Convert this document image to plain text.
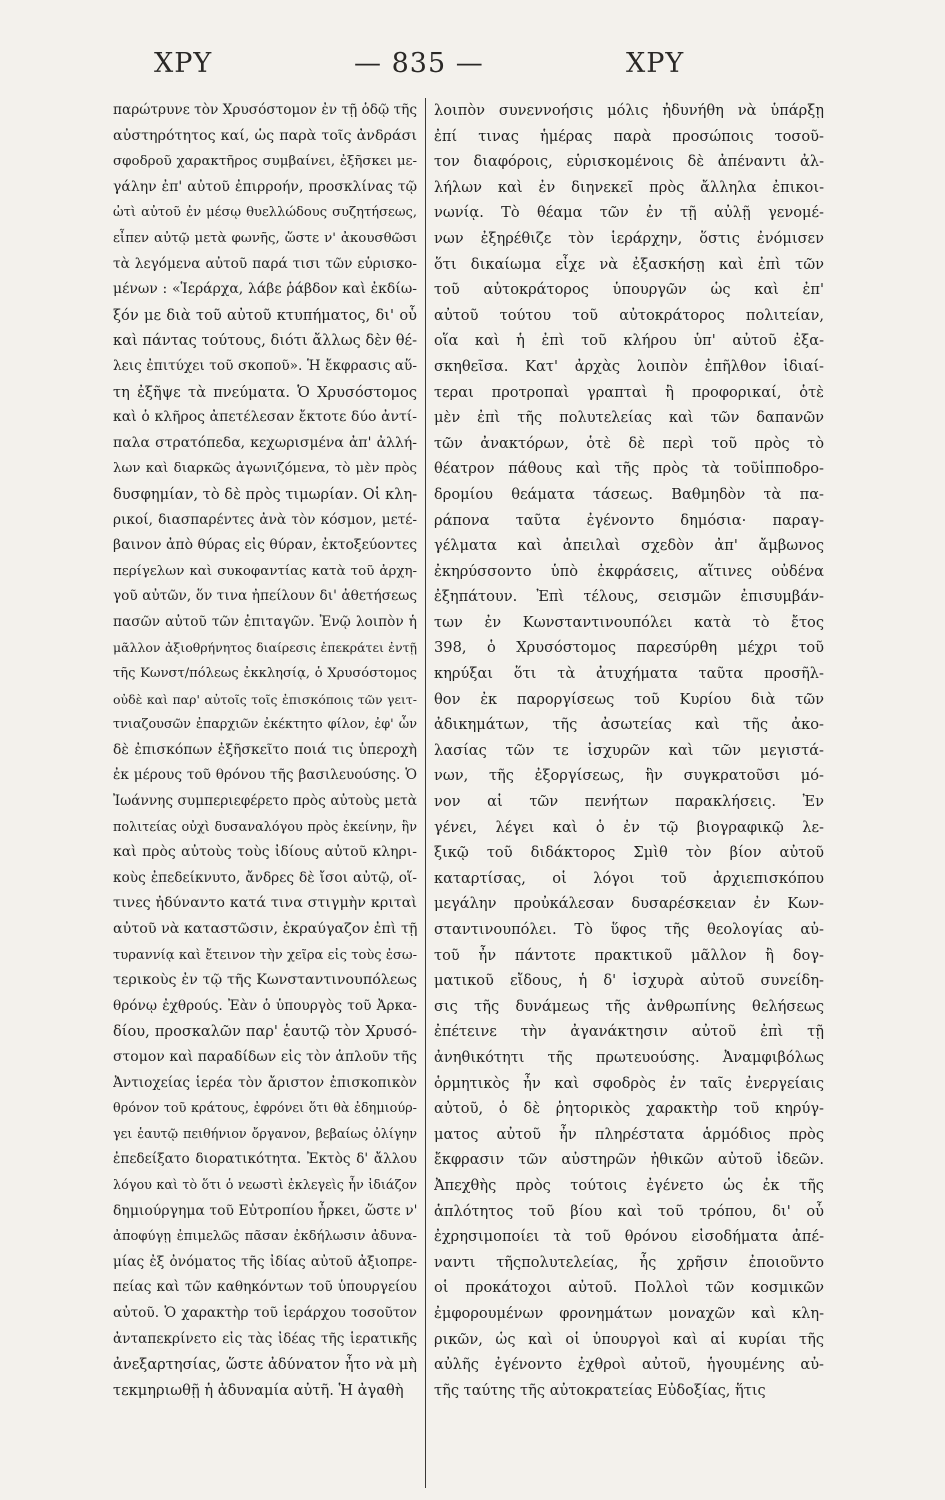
ΧΡΥ	— 835 —	ΧΡΥ
παρώτρυνε τὸν Χρυσόστομον ἐν τῇ ὁδῷ τῆς
αὐστηρότητος καί, ὡς παρὰ τοῖς ἀνδράσι
σφοδροῦ χαρακτῆρος συμβαίνει, ἐξῆσκει με-
γάλην ἐπ' αὐτοῦ ἐπιρροήν, προσκλίνας τῷ
ὠτὶ αὐτοῦ ἐν μέσῳ θυελλώδους συζητήσεως,
εἶπεν αὐτῷ μετὰ φωνῆς, ὥστε ν' ἀκουσθῶσι
τὰ λεγόμενα αὐτοῦ παρά τισι τῶν εὑρισκο-
μένων : «Ἱεράρχα, λάβε ῥάβδον καὶ ἐκδίω-
ξόν με διὰ τοῦ αὐτοῦ κτυπήματος, δι' οὗ
καὶ πάντας τούτους, διότι ἄλλως δὲν θέ-
λεις ἐπιτύχει τοῦ σκοποῦ». Ἡ ἔκφρασις αὕ-
τη ἐξῆψε τὰ πνεύματα. Ὁ Χρυσόστομος
καὶ ὁ κλῆρος ἀπετέλεσαν ἔκτοτε δύο ἀντί-
παλα στρατόπεδα, κεχωρισμένα ἀπ' ἀλλή-
λων καὶ διαρκῶς ἀγωνιζόμενα, τὸ μὲν πρὸς
δυσφημίαν, τὸ δὲ πρὸς τιμωρίαν. Οἱ κλη-
ρικοί, διασπαρέντες ἀνὰ τὸν κόσμον, μετέ-
βαινον ἀπὸ θύρας εἰς θύραν, ἐκτοξεύοντες
περίγελων καὶ συκοφαντίας κατὰ τοῦ ἀρχη-
γοῦ αὐτῶν, ὅν τινα ἠπείλουν δι' ἀθετήσεως
πασῶν αὐτοῦ τῶν ἐπιταγῶν. Ἐνῷ λοιπὸν ἡ
μᾶλλον ἀξιοθρήνητος διαίρεσις ἐπεκράτει ἐντῇ
τῆς Κωνστ/πόλεως ἐκκλησίᾳ, ὁ Χρυσόστομος
οὐδὲ καὶ παρ' αὐτοῖς τοῖς ἐπισκόποις τῶν γειτ-
τνιαζουσῶν ἐπαρχιῶν ἐκέκτητο φίλον, ἐφ' ὧν
δὲ ἐπισκόπων ἐξῆσκεῖτο ποιά τις ὑπεροχὴ
ἐκ μέρους τοῦ θρόνου τῆς βασιλευούσης. Ὁ
Ἰωάννης συμπεριεφέρετο πρὸς αὐτοὺς μετὰ
πολιτείας οὐχὶ δυσαναλόγου πρὸς ἐκείνην, ἣν
καὶ πρὸς αὐτοὺς τοὺς ἰδίους αὐτοῦ κληρι-
κοὺς ἐπεδείκνυτο, ἄνδρες δὲ ἴσοι αὐτῷ, οἵ-
τινες ἠδύναντο κατά τινα στιγμὴν κριταὶ
αὐτοῦ νὰ καταστῶσιν, ἐκραύγαζον ἐπὶ τῇ
τυραννίᾳ καὶ ἔτεινον τὴν χεῖρα εἰς τοὺς ἐσω-
τερικοὺς ἐν τῷ τῆς Κωνσταντινουπόλεως
θρόνῳ ἐχθρούς. Ἐὰν ὁ ὑπουργὸς τοῦ Ἀρκα-
δίου, προσκαλῶν παρ' ἑαυτῷ τὸν Χρυσό-
στομον καὶ παραδίδων εἰς τὸν ἁπλοῦν τῆς
Ἀντιοχείας ἱερέα τὸν ἄριστον ἐπισκοπικὸν
θρόνον τοῦ κράτους, ἐφρόνει ὅτι θὰ ἐδημιούρ-
γει ἑαυτῷ πειθήνιον ὄργανον, βεβαίως ὀλίγην
ἐπεδείξατο διορατικότητα. Ἐκτὸς δ' ἄλλου
λόγου καὶ τὸ ὅτι ὁ νεωστὶ ἐκλεγεὶς ἦν ἰδιάζον
δημιούργημα τοῦ Εὐτροπίου ἦρκει, ὥστε ν'
ἀποφύγῃ ἐπιμελῶς πᾶσαν ἐκδήλωσιν ἀδυνα-
μίας ἐξ ὀνόματος τῆς ἰδίας αὐτοῦ ἀξιοπρε-
πείας καὶ τῶν καθηκόντων τοῦ ὑπουργείου
αὐτοῦ. Ὁ χαρακτὴρ τοῦ ἱεράρχου τοσοῦτον
ἀνταπεκρίνετο εἰς τὰς ἰδέας τῆς ἱερατικῆς
ἀνεξαρτησίας, ὥστε ἀδύνατον ἦτο νὰ μὴ
τεκμηριωθῇ ἡ ἀδυναμία αὐτῆ. Ἡ ἀγαθὴ
λοιπὸν συνεννοήσις μόλις ἠδυνήθη νὰ ὑπάρξῃ
ἐπί τινας ἡμέρας παρὰ προσώποις τοσοῦ-
τον διαφόροις, εὑρισκομένοις δὲ ἀπέναντι ἀλ-
λήλων καὶ ἐν διηνεκεῖ πρὸς ἄλληλα ἐπικοι-
νωνίᾳ. Τὸ θέαμα τῶν ἐν τῇ αὐλῇ γενομέ-
νων ἐξηρέθιζε τὸν ἱεράρχην, ὅστις ἐνόμισεν
ὅτι δικαίωμα εἶχε νὰ ἐξασκήσῃ καὶ ἐπὶ τῶν
τοῦ αὐτοκράτορος ὑπουργῶν ὡς καὶ ἐπ'
αὐτοῦ τούτου τοῦ αὐτοκράτορος πολιτείαν,
οἵα καὶ ἡ ἐπὶ τοῦ κλήρου ὑπ' αὐτοῦ ἐξα-
σκηθεῖσα. Κατ' ἀρχὰς λοιπὸν ἐπῆλθον ἰδιαί-
τεραι προτροπαὶ γραπταὶ ἢ προφορικαί, ὁτὲ
μὲν ἐπὶ τῆς πολυτελείας καὶ τῶν δαπανῶν
τῶν ἀνακτόρων, ὁτὲ δὲ περὶ τοῦ πρὸς τὸ
θέατρον πάθους καὶ τῆς πρὸς τὰ τοῦἱπποδρο-
δρομίου θεάματα τάσεως. Βαθμηδὸν τὰ πα-
ράπονα ταῦτα ἐγένοντο δημόσια· παραγ-
γέλματα καὶ ἀπειλαὶ σχεδὸν ἀπ' ἄμβωνος
ἐκηρύσσοντο ὑπὸ ἐκφράσεις, αἵτινες οὐδένα
ἐξηπάτουν. Ἐπὶ τέλους, σεισμῶν ἐπισυμβάν-
των ἐν Κωνσταντινουπόλει κατὰ τὸ ἔτος
398, ὁ Χρυσόστομος παρεσύρθη μέχρι τοῦ
κηρύξαι ὅτι τὰ ἀτυχήματα ταῦτα προσῆλ-
θον ἐκ παροργίσεως τοῦ Κυρίου διὰ τῶν
ἀδικημάτων, τῆς ἀσωτείας καὶ τῆς ἀκο-
λασίας τῶν τε ἰσχυρῶν καὶ τῶν μεγιστά-
νων, τῆς ἐξοργίσεως, ἣν συγκρατοῦσι μό-
νον αἱ τῶν πενήτων παρακλήσεις. Ἐν
γένει, λέγει καὶ ὁ ἐν τῷ βιογραφικῷ λε-
ξικῷ τοῦ διδάκτορος Σμὶθ τὸν βίον αὐτοῦ
καταρτίσας, οἱ λόγοι τοῦ ἀρχιεπισκόπου
μεγάλην προὐκάλεσαν δυσαρέσκειαν ἐν Κων-
σταντινουπόλει. Τὸ ὕφος τῆς θεολογίας αὐ-
τοῦ ἦν πάντοτε πρακτικοῦ μᾶλλον ἢ δογ-
ματικοῦ εἴδους, ἡ δ' ἰσχυρὰ αὐτοῦ συνείδη-
σις τῆς δυνάμεως τῆς ἀνθρωπίνης θελήσεως
ἐπέτεινε τὴν ἀγανάκτησιν αὐτοῦ ἐπὶ τῇ
ἀνηθικότητι τῆς πρωτευούσης. Ἀναμφιβόλως
ὁρμητικὸς ἦν καὶ σφοδρὸς ἐν ταῖς ἐνεργείαις
αὐτοῦ, ὁ δὲ ῥητορικὸς χαρακτὴρ τοῦ κηρύγ-
ματος αὐτοῦ ἦν πληρέστατα ἁρμόδιος πρὸς
ἔκφρασιν τῶν αὐστηρῶν ἠθικῶν αὐτοῦ ἰδεῶν.
Ἀπεχθὴς πρὸς τούτοις ἐγένετο ὡς ἐκ τῆς
ἁπλότητος τοῦ βίου καὶ τοῦ τρόπου, δι' οὗ
ἐχρησιμοποίει τὰ τοῦ θρόνου εἰσοδήματα ἀπέ-
ναντι τῆςπολυτελείας, ἧς χρῆσιν ἐποιοῦντο
οἱ προκάτοχοι αὐτοῦ. Πολλοὶ τῶν κοσμικῶν
ἐμφορουμένων φρονημάτων μοναχῶν καὶ κλη-
ρικῶν, ὡς καὶ οἱ ὑπουργοὶ καὶ αἱ κυρίαι τῆς
αὐλῆς ἐγένοντο ἐχθροὶ αὐτοῦ, ἡγουμένης αὐ-
τῆς ταύτης τῆς αὐτοκρατείας Εὐδοξίας, ἥτις
